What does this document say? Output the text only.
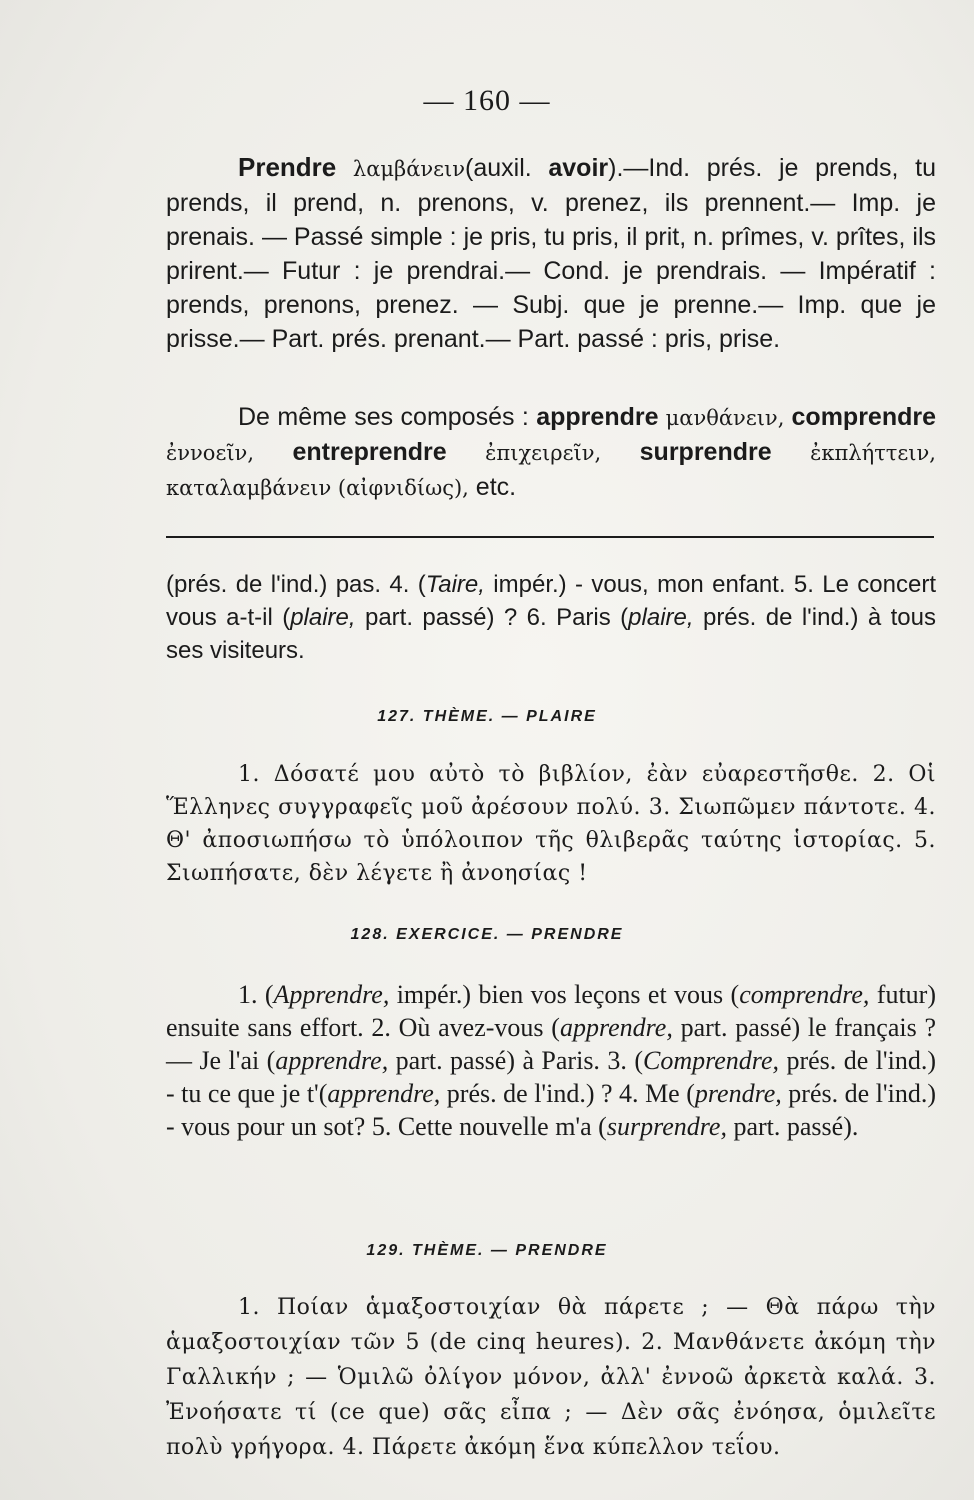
— 160 —

Prendre λαμβάνειν(auxil. avoir).—Ind. prés. je prends, tu prends, il prend, n. prenons, v. prenez, ils prennent.— Imp. je prenais. — Passé simple : je pris, tu pris, il prit, n. prîmes, v. prîtes, ils prirent.— Futur : je prendrai.— Cond. je prendrais. — Impératif : prends, prenons, prenez. — Subj. que je prenne.— Imp. que je prisse.— Part. prés. prenant.— Part. passé : pris, prise.

De même ses composés : apprendre μανθάνειν, comprendre ἐννοεῖν, entreprendre ἐπιχειρεῖν, surprendre ἐκπλήττειν, καταλαμβάνειν (αἰφνιδίως), etc.

(prés. de l'ind.) pas. 4. (Taire, impér.) - vous, mon enfant. 5. Le concert vous a-t-il (plaire, part. passé) ? 6. Paris (plaire, prés. de l'ind.) à tous ses visiteurs.

127. THÈME. — PLAIRE

1. Δόσατέ μου αὐτὸ τὸ βιβλίον, ἐὰν εὐαρεστῆσθε. 2. Οἱ Ἕλληνες συγγραφεῖς μοῦ ἀρέσουν πολύ. 3. Σιωπῶμεν πάντοτε. 4. Θ' ἀποσιωπήσω τὸ ὑπόλοιπον τῆς θλιβερᾶς ταύτης ἱστορίας. 5. Σιωπήσατε, δὲν λέγετε ἢ ἀνοησίας !

128. EXERCICE. — PRENDRE

1. (Apprendre, impér.) bien vos leçons et vous (comprendre, futur) ensuite sans effort. 2. Où avez-vous (apprendre, part. passé) le français ? — Je l'ai (apprendre, part. passé) à Paris. 3. (Comprendre, prés. de l'ind.) - tu ce que je t'(apprendre, prés. de l'ind.) ? 4. Me (prendre, prés. de l'ind.) - vous pour un sot? 5. Cette nouvelle m'a (surprendre, part. passé).

129. THÈME. — PRENDRE

1. Ποίαν ἁμαξοστοιχίαν θὰ πάρετε ; — Θὰ πάρω τὴν ἁμαξοστοιχίαν τῶν 5 (de cinq heures). 2. Μανθάνετε ἀκόμη τὴν Γαλλικήν ; — Ὁμιλῶ ὀλίγον μόνον, ἀλλ' ἐννοῶ ἀρκετὰ καλά. 3. Ἐνοήσατε τί (ce que) σᾶς εἶπα ; — Δὲν σᾶς ἐνόησα, ὁμιλεῖτε πολὺ γρήγορα. 4. Πάρετε ἀκόμη ἕνα κύπελλον τεΐου.
